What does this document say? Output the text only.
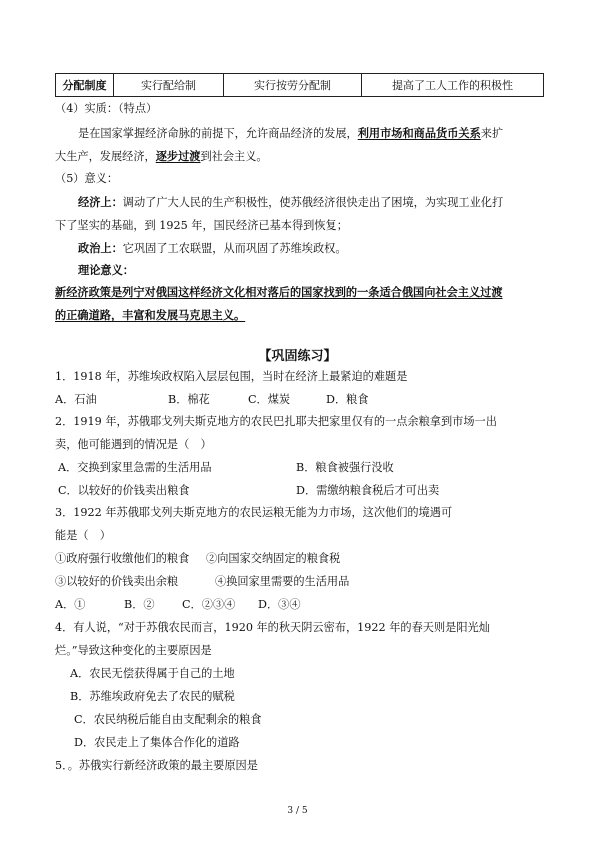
分配制度	实行配给制	实行按劳分配制	提高了工人工作的积极性
（4）实质：（特点）
是在国家掌握经济命脉的前提下，允许商品经济的发展，利用市场和商品货币关系来扩
大生产，发展经济，逐步过渡到社会主义。
（5）意义：
经济上：调动了广大人民的生产积极性，使苏俄经济很快走出了困境，为实现工业化打
下了坚实的基础，到 1925 年，国民经济已基本得到恢复；
政治上：它巩固了工农联盟，从而巩固了苏维埃政权。
理论意义：
新经济政策是列宁对俄国这样经济文化相对落后的国家找到的一条适合俄国向社会主义过渡
的正确道路，丰富和发展马克思主义。
【巩固练习】
1．1918 年，苏维埃政权陷入层层包围，当时在经济上最紧迫的难题是
A．石油	B．棉花	C．煤炭	D．粮食
2．1919 年，苏俄耶戈列夫斯克地方的农民巴扎耶夫把家里仅有的一点余粮拿到市场一出
卖，他可能遇到的情况是（　）
A．交换到家里急需的生活用品	B．粮食被强行没收
C．以较好的价钱卖出粮食	D．需缴纳粮食税后才可出卖
3．1922 年苏俄耶戈列夫斯克地方的农民运粮无能为力市场，这次他们的境遇可
能是（　）
①政府强行收缴他们的粮食 ②向国家交纳固定的粮食税
③以较好的价钱卖出余粮	④换回家里需要的生活用品
A．①	B．② C．②③④ D．③④
4．有人说，“对于苏俄农民而言，1920 年的秋天阴云密布，1922 年的春天则是阳光灿
烂。”导致这种变化的主要原因是
A．农民无偿获得属于自己的土地
B．苏维埃政府免去了农民的赋税
C．农民纳税后能自由支配剩余的粮食
D．农民走上了集体合作化的道路
5．。苏俄实行新经济政策的最主要原因是
3 / 5
